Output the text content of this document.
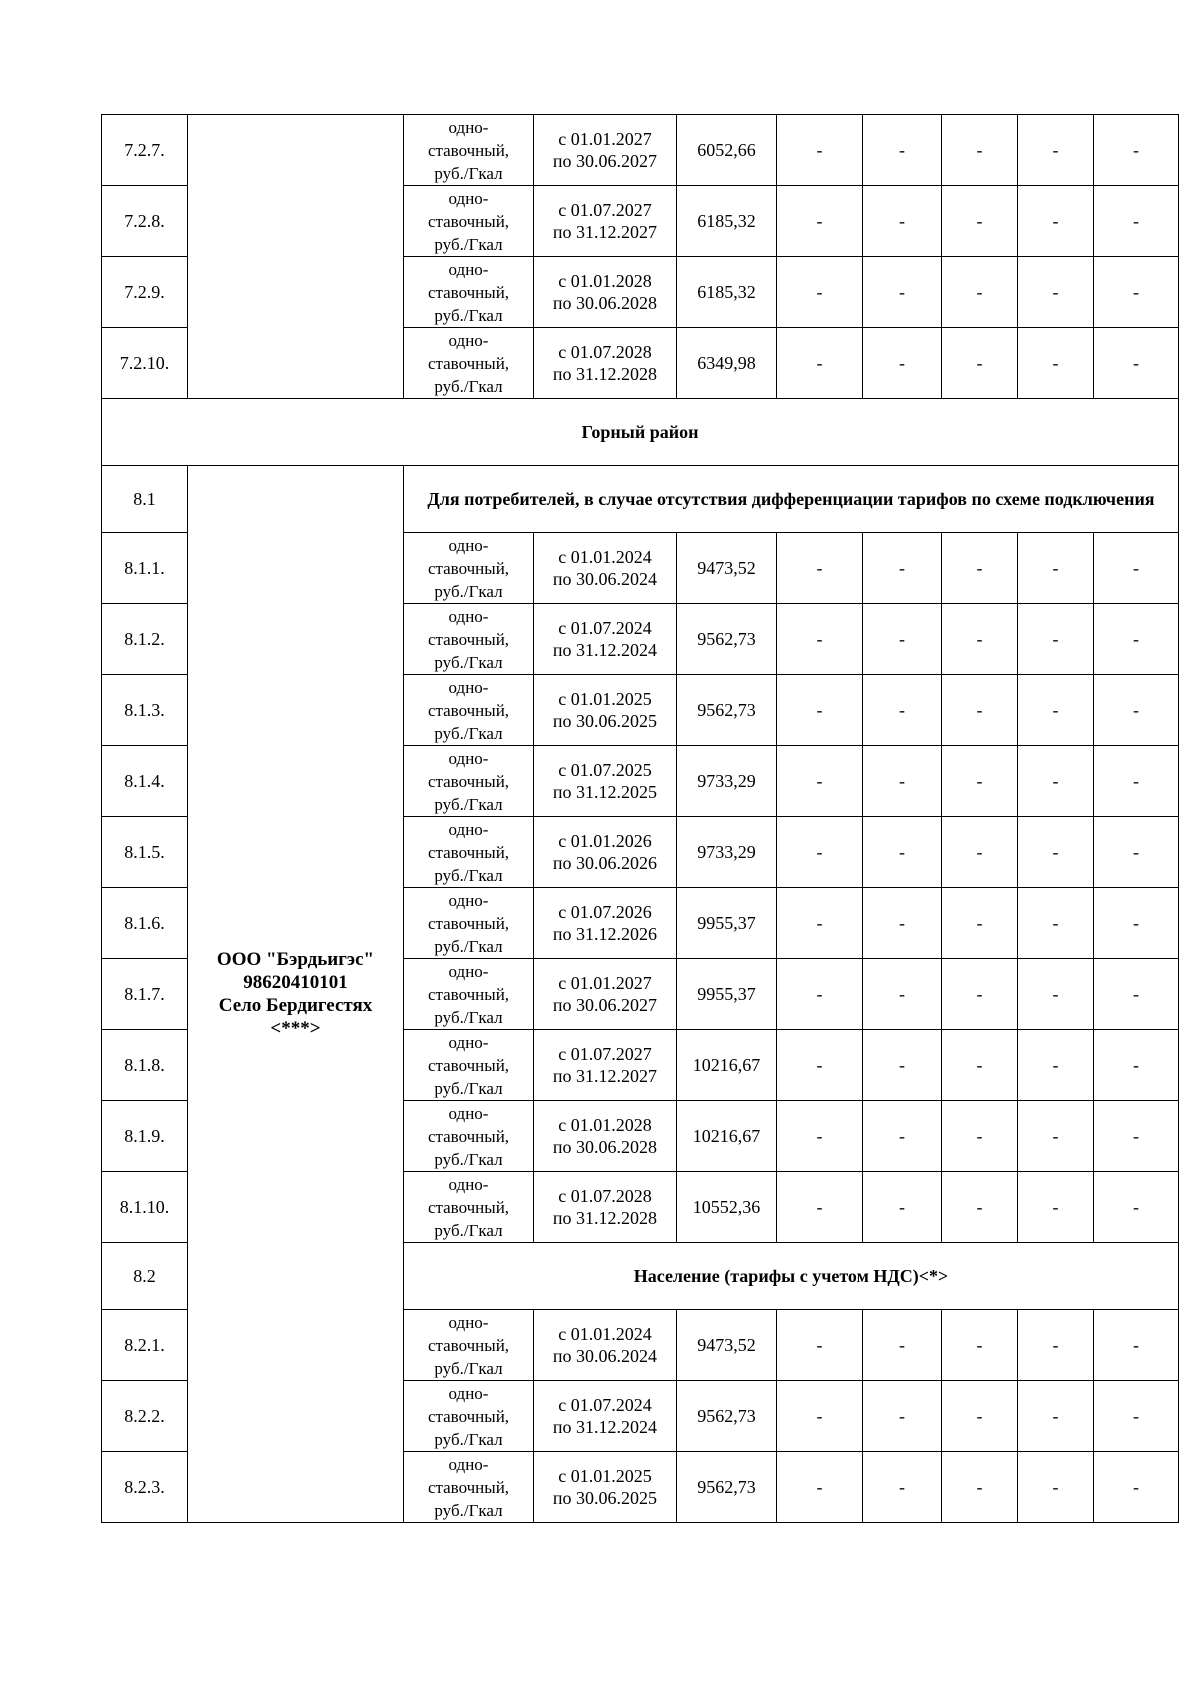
7.2.7.		одно-
ставочный,
руб./Гкал	с 01.01.2027
по 30.06.2027	6052,66	-	-	-	-	-
7.2.8.		одно-
ставочный,
руб./Гкал	с 01.07.2027
по 31.12.2027	6185,32	-	-	-	-	-
7.2.9.		одно-
ставочный,
руб./Гкал	с 01.01.2028
по 30.06.2028	6185,32	-	-	-	-	-
7.2.10.		одно-
ставочный,
руб./Гкал	с 01.07.2028
по 31.12.2028	6349,98	-	-	-	-	-
Горный район									
8.1	ООО "Бэрдьигэс"
98620410101
Село Бердигестях
<***>	Для потребителей, в случае отсутствия дифференциации тарифов по схеме подключения							
8.1.1.		одно-
ставочный,
руб./Гкал	с 01.01.2024
по 30.06.2024	9473,52	-	-	-	-	-
8.1.2.		одно-
ставочный,
руб./Гкал	с 01.07.2024
по 31.12.2024	9562,73	-	-	-	-	-
8.1.3.		одно-
ставочный,
руб./Гкал	с 01.01.2025
по 30.06.2025	9562,73	-	-	-	-	-
8.1.4.		одно-
ставочный,
руб./Гкал	с 01.07.2025
по 31.12.2025	9733,29	-	-	-	-	-
8.1.5.		одно-
ставочный,
руб./Гкал	с 01.01.2026
по 30.06.2026	9733,29	-	-	-	-	-
8.1.6.		одно-
ставочный,
руб./Гкал	с 01.07.2026
по 31.12.2026	9955,37	-	-	-	-	-
8.1.7.		одно-
ставочный,
руб./Гкал	с 01.01.2027
по 30.06.2027	9955,37	-	-	-	-	-
8.1.8.		одно-
ставочный,
руб./Гкал	с 01.07.2027
по 31.12.2027	10216,67	-	-	-	-	-
8.1.9.		одно-
ставочный,
руб./Гкал	с 01.01.2028
по 30.06.2028	10216,67	-	-	-	-	-
8.1.10.		одно-
ставочный,
руб./Гкал	с 01.07.2028
по 31.12.2028	10552,36	-	-	-	-	-
8.2		Население (тарифы с учетом НДС)<*>							
8.2.1.		одно-
ставочный,
руб./Гкал	с 01.01.2024
по 30.06.2024	9473,52	-	-	-	-	-
8.2.2.		одно-
ставочный,
руб./Гкал	с 01.07.2024
по 31.12.2024	9562,73	-	-	-	-	-
8.2.3.		одно-
ставочный,
руб./Гкал	с 01.01.2025
по 30.06.2025	9562,73	-	-	-	-	-
